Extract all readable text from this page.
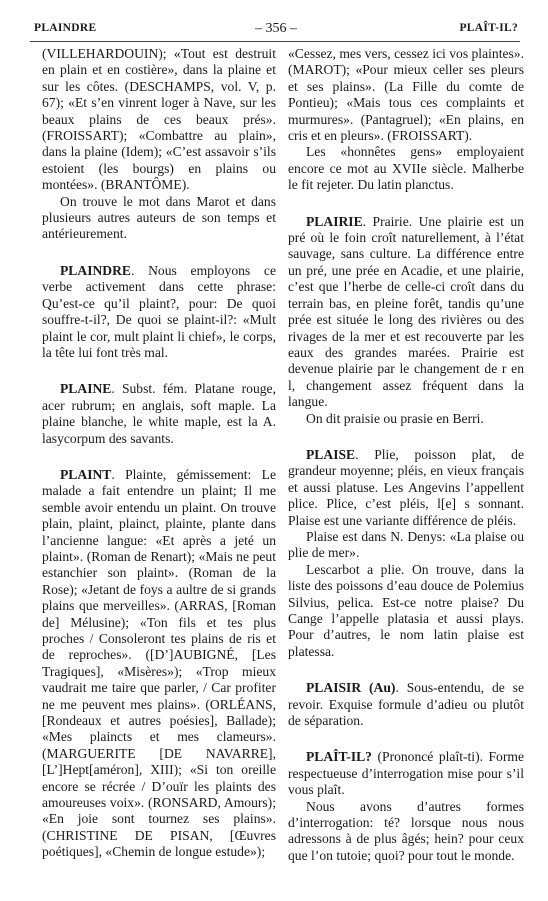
PLAINDRE	– 356 –	PLAÎT-IL?

(VILLEHARDOUIN); «Tout est destruit en plain et en costière», dans la plaine et sur les côtes. (DESCHAMPS, vol. V, p. 67); «Et s’en vinrent loger à Nave, sur les beaux plains de ces beaux prés». (FROISSART); «Combattre au plain», dans la plaine (Idem); «C’est assavoir s’ils estoient (les bourgs) en plains ou montées». (BRANTÔME).

On trouve le mot dans Marot et dans plusieurs autres auteurs de son temps et antérieurement.

PLAINDRE. Nous employons ce verbe activement dans cette phrase: Qu’est-ce qu’il plaint?, pour: De quoi souffre-t-il?, De quoi se plaint-il?: «Mult plaint le cor, mult plaint li chief», le corps, la tête lui font très mal.

PLAINE. Subst. fém. Platane rouge, acer rubrum; en anglais, soft maple. La plaine blanche, le white maple, est la A. lasycorpum des savants.

PLAINT. Plainte, gémissement: Le malade a fait entendre un plaint; Il me semble avoir entendu un plaint. On trouve plain, plaint, plainct, plainte, plante dans l’ancienne langue: «Et après a jeté un plaint». (Roman de Renart); «Mais ne peut estanchier son plaint». (Roman de la Rose); «Jetant de foys a aultre de si grands plains que merveilles». (ARRAS, [Roman de] Mélusine); «Ton fils et tes plus proches / Consoleront tes plains de ris et de reproches». ([D’]AUBIGNÉ, [Les Tragiques], «Misères»); «Trop mieux vaudrait me taire que parler, / Car profiter ne me peuvent mes plains». (ORLÉANS, [Rondeaux et autres poésies], Ballade); «Mes plaincts et mes clameurs». (MARGUERITE [DE NAVARRE], [L’]Hept[améron], XIII); «Si ton oreille encore se récrée / D’ouïr les plaints des amoureuses voix». (RONSARD, Amours); «En joie sont tournez ses plains». (CHRISTINE DE PISAN, [Œuvres poétiques], «Chemin de longue estude»);

«Cessez, mes vers, cessez ici vos plaintes». (MAROT); «Pour mieux celler ses pleurs et ses plains». (La Fille du comte de Pontieu); «Mais tous ces complaints et murmures». (Pantagruel); «En plains, en cris et en pleurs». (FROISSART).

Les «honnêtes gens» employaient encore ce mot au XVIIe siècle. Malherbe le fit rejeter. Du latin planctus.

PLAIRIE. Prairie. Une plairie est un pré où le foin croît naturellement, à l’état sauvage, sans culture. La différence entre un pré, une prée en Acadie, et une plairie, c’est que l’herbe de celle-ci croît dans du terrain bas, en pleine forêt, tandis qu’une prée est située le long des rivières ou des rivages de la mer et est recouverte par les eaux des grandes marées. Prairie est devenue plairie par le changement de r en l, changement assez fréquent dans la langue.

On dit praisie ou prasie en Berri.

PLAISE. Plie, poisson plat, de grandeur moyenne; pléis, en vieux français et aussi platuse. Les Angevins l’appellent plice. Plice, c’est pléis, l[e] s sonnant. Plaise est une variante différence de pléis.

Plaise est dans N. Denys: «La plaise ou plie de mer».

Lescarbot a plie. On trouve, dans la liste des poissons d’eau douce de Polemius Silvius, pelica. Est-ce notre plaise? Du Cange l’appelle platasia et aussi plays. Pour d’autres, le nom latin plaise est platessa.

PLAISIR (Au). Sous-entendu, de se revoir. Exquise formule d’adieu ou plutôt de séparation.

PLAÎT-IL? (Prononcé plaît-ti). Forme respectueuse d’interrogation mise pour s’il vous plaît.

Nous avons d’autres formes d’interrogation: té? lorsque nous nous adressons à de plus âgés; hein? pour ceux que l’on tutoie; quoi? pour tout le monde.
